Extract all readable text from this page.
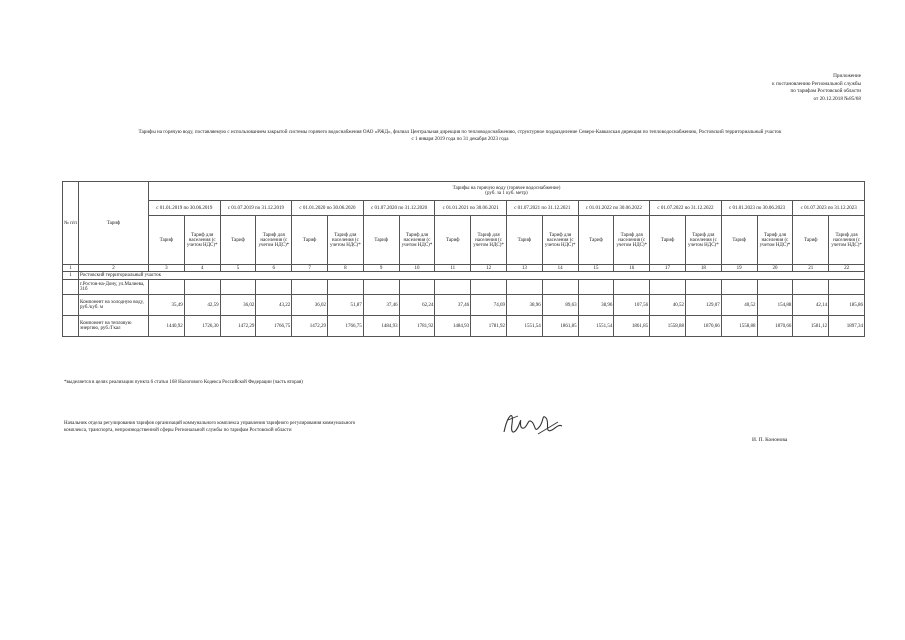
Приложение
к постановлению Региональной службы
по тарифам Ростовской области
от 20.12.2018 №85/68
Тарифы на горячую воду, поставляемую с использованием закрытой системы горячего водоснабжения ОАО «РЖД», филиал Центральная дирекция по тепловодоснабжению, структурное подразделение Северо-Кавказская дирекция по тепловодоснабжению, Ростовский территориальный участок
с 1 января 2019 года по 31 декабря 2023 года
№ п/п	Тариф	Тарифы на горячую воду (горячее водоснабжение)
(руб. за 1 куб. метр)																			

		с 01.01.2019 по 30.06.2019		с 01.07.2019 по 31.12.2019		с 01.01.2020 по 30.06.2020		с 01.07.2020 по 31.12.2020		с 01.01.2021 по 30.06.2021		с 01.07.2021 по 31.12.2021		с 01.01.2022 по 30.06.2022		с 01.07.2022 по 31.12.2022		с 01.01.2023 по 30.06.2023		с 01.07.2023 по 31.12.2023	
		Тариф	Тариф для населения (с учетом НДС)*	Тариф	Тариф для населения (с учетом НДС)*	Тариф	Тариф для населения (с учетом НДС)*	Тариф	Тариф для населения (с учетом НДС)*	Тариф	Тариф для населения (с учетом НДС)*	Тариф	Тариф для населения (с учетом НДС)*	Тариф	Тариф для населения (с учетом НДС)*	Тариф	Тариф для населения (с учетом НДС)*	Тариф	Тариф для населения (с учетом НДС)*	Тариф	Тариф для населения (с учетом НДС)*
1	2	3	4	5	6	7	8	9	10	11	12	13	14	15	16	17	18	19	20	21	22
1	Ростовский территориальный участок																				
	г.Ростов-на-Дону, ул.Малиева, 31б																				
	Компонент на холодную воду, руб./куб. м	35,49	42,59	36,02	43,22	36,02	51,87	37,46	62,24	37,46	74,69	38,96	89,63	38,96	107,56	40,52	129,07	40,52	154,88	42,14	185,86
	Компонент на тепловую энергию, руб./Гкал	1440,92	1726,30	1472,29	1766,75	1472,29	1766,75	1484,93	1781,92	1484,93	1781,92	1551,54	1861,85	1551,54	1861,85	1558,88	1870,66	1558,88	1870,66	1581,12	1897,34
*выделяется в целях реализации пункта 6 статьи 168 Налогового Кодекса Российской Федерации (часть вторая)
Начальник отдела регулирования тарифов организаций коммунального комплекса управления тарифного регулирования коммунального комплекса, транспорта, непроизводственной сферы Региональной службы по тарифам Ростовской области
И. П. Кононова
